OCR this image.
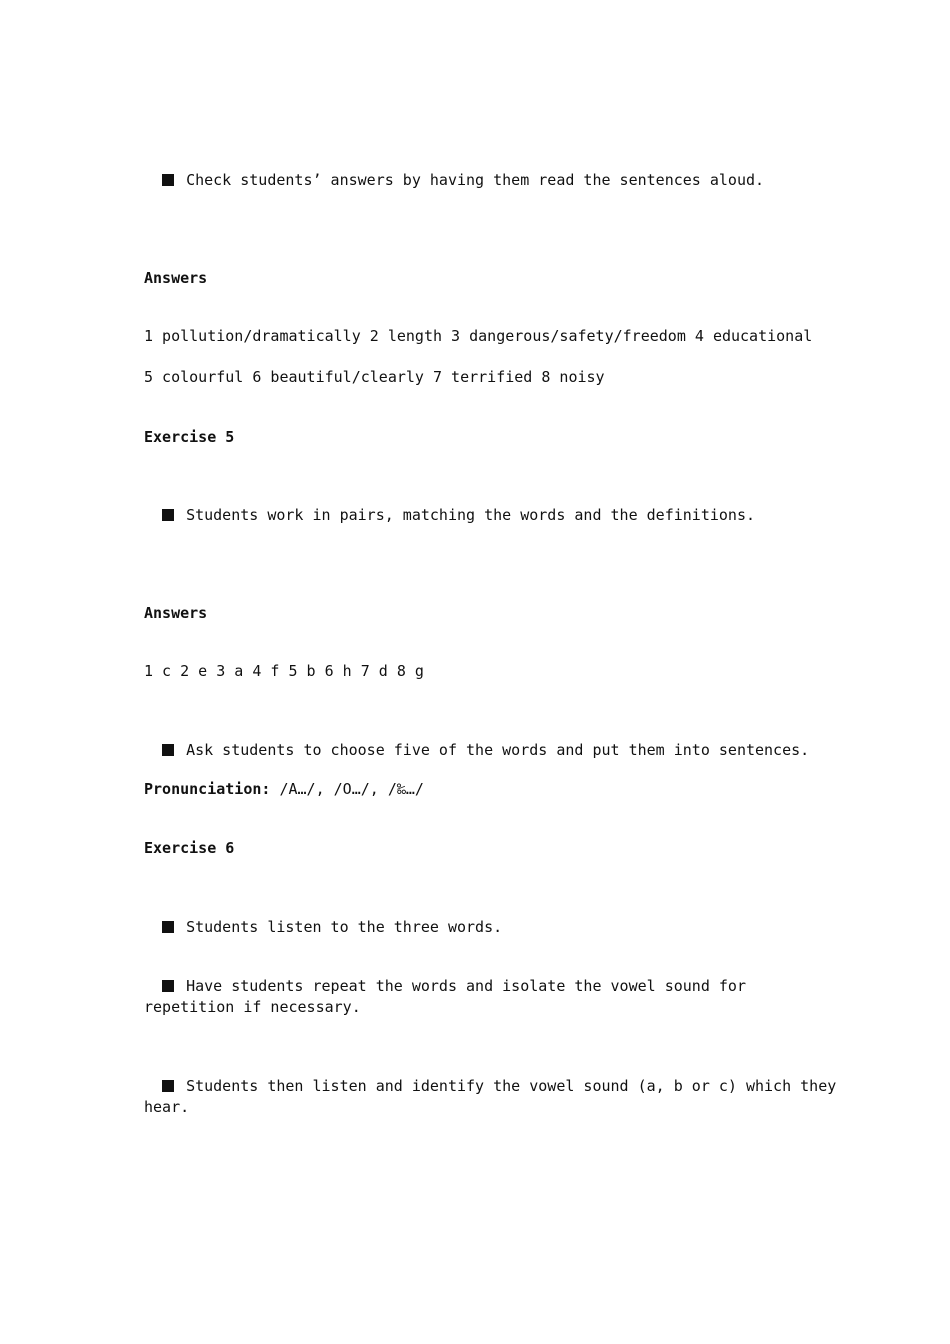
Check students’ answers by having them read the sentences aloud.

Answers
1 pollution/dramatically 2 length 3 dangerous/safety/freedom 4 educational
5 colourful 6 beautiful/clearly 7 terrified 8 noisy
Exercise 5

Students work in pairs, matching the words and the definitions.

Answers
1 c 2 e 3 a 4 f 5 b 6 h 7 d 8 g

Ask students to choose five of the words and put them into sentences.

Pronunciation: /A…/, /O…/, /‰…/
Exercise 6

Students listen to the three words.

Have students repeat the words and isolate the vowel sound for

repetition if necessary.

Students then listen and identify the vowel sound (a, b or c) which they

hear.
